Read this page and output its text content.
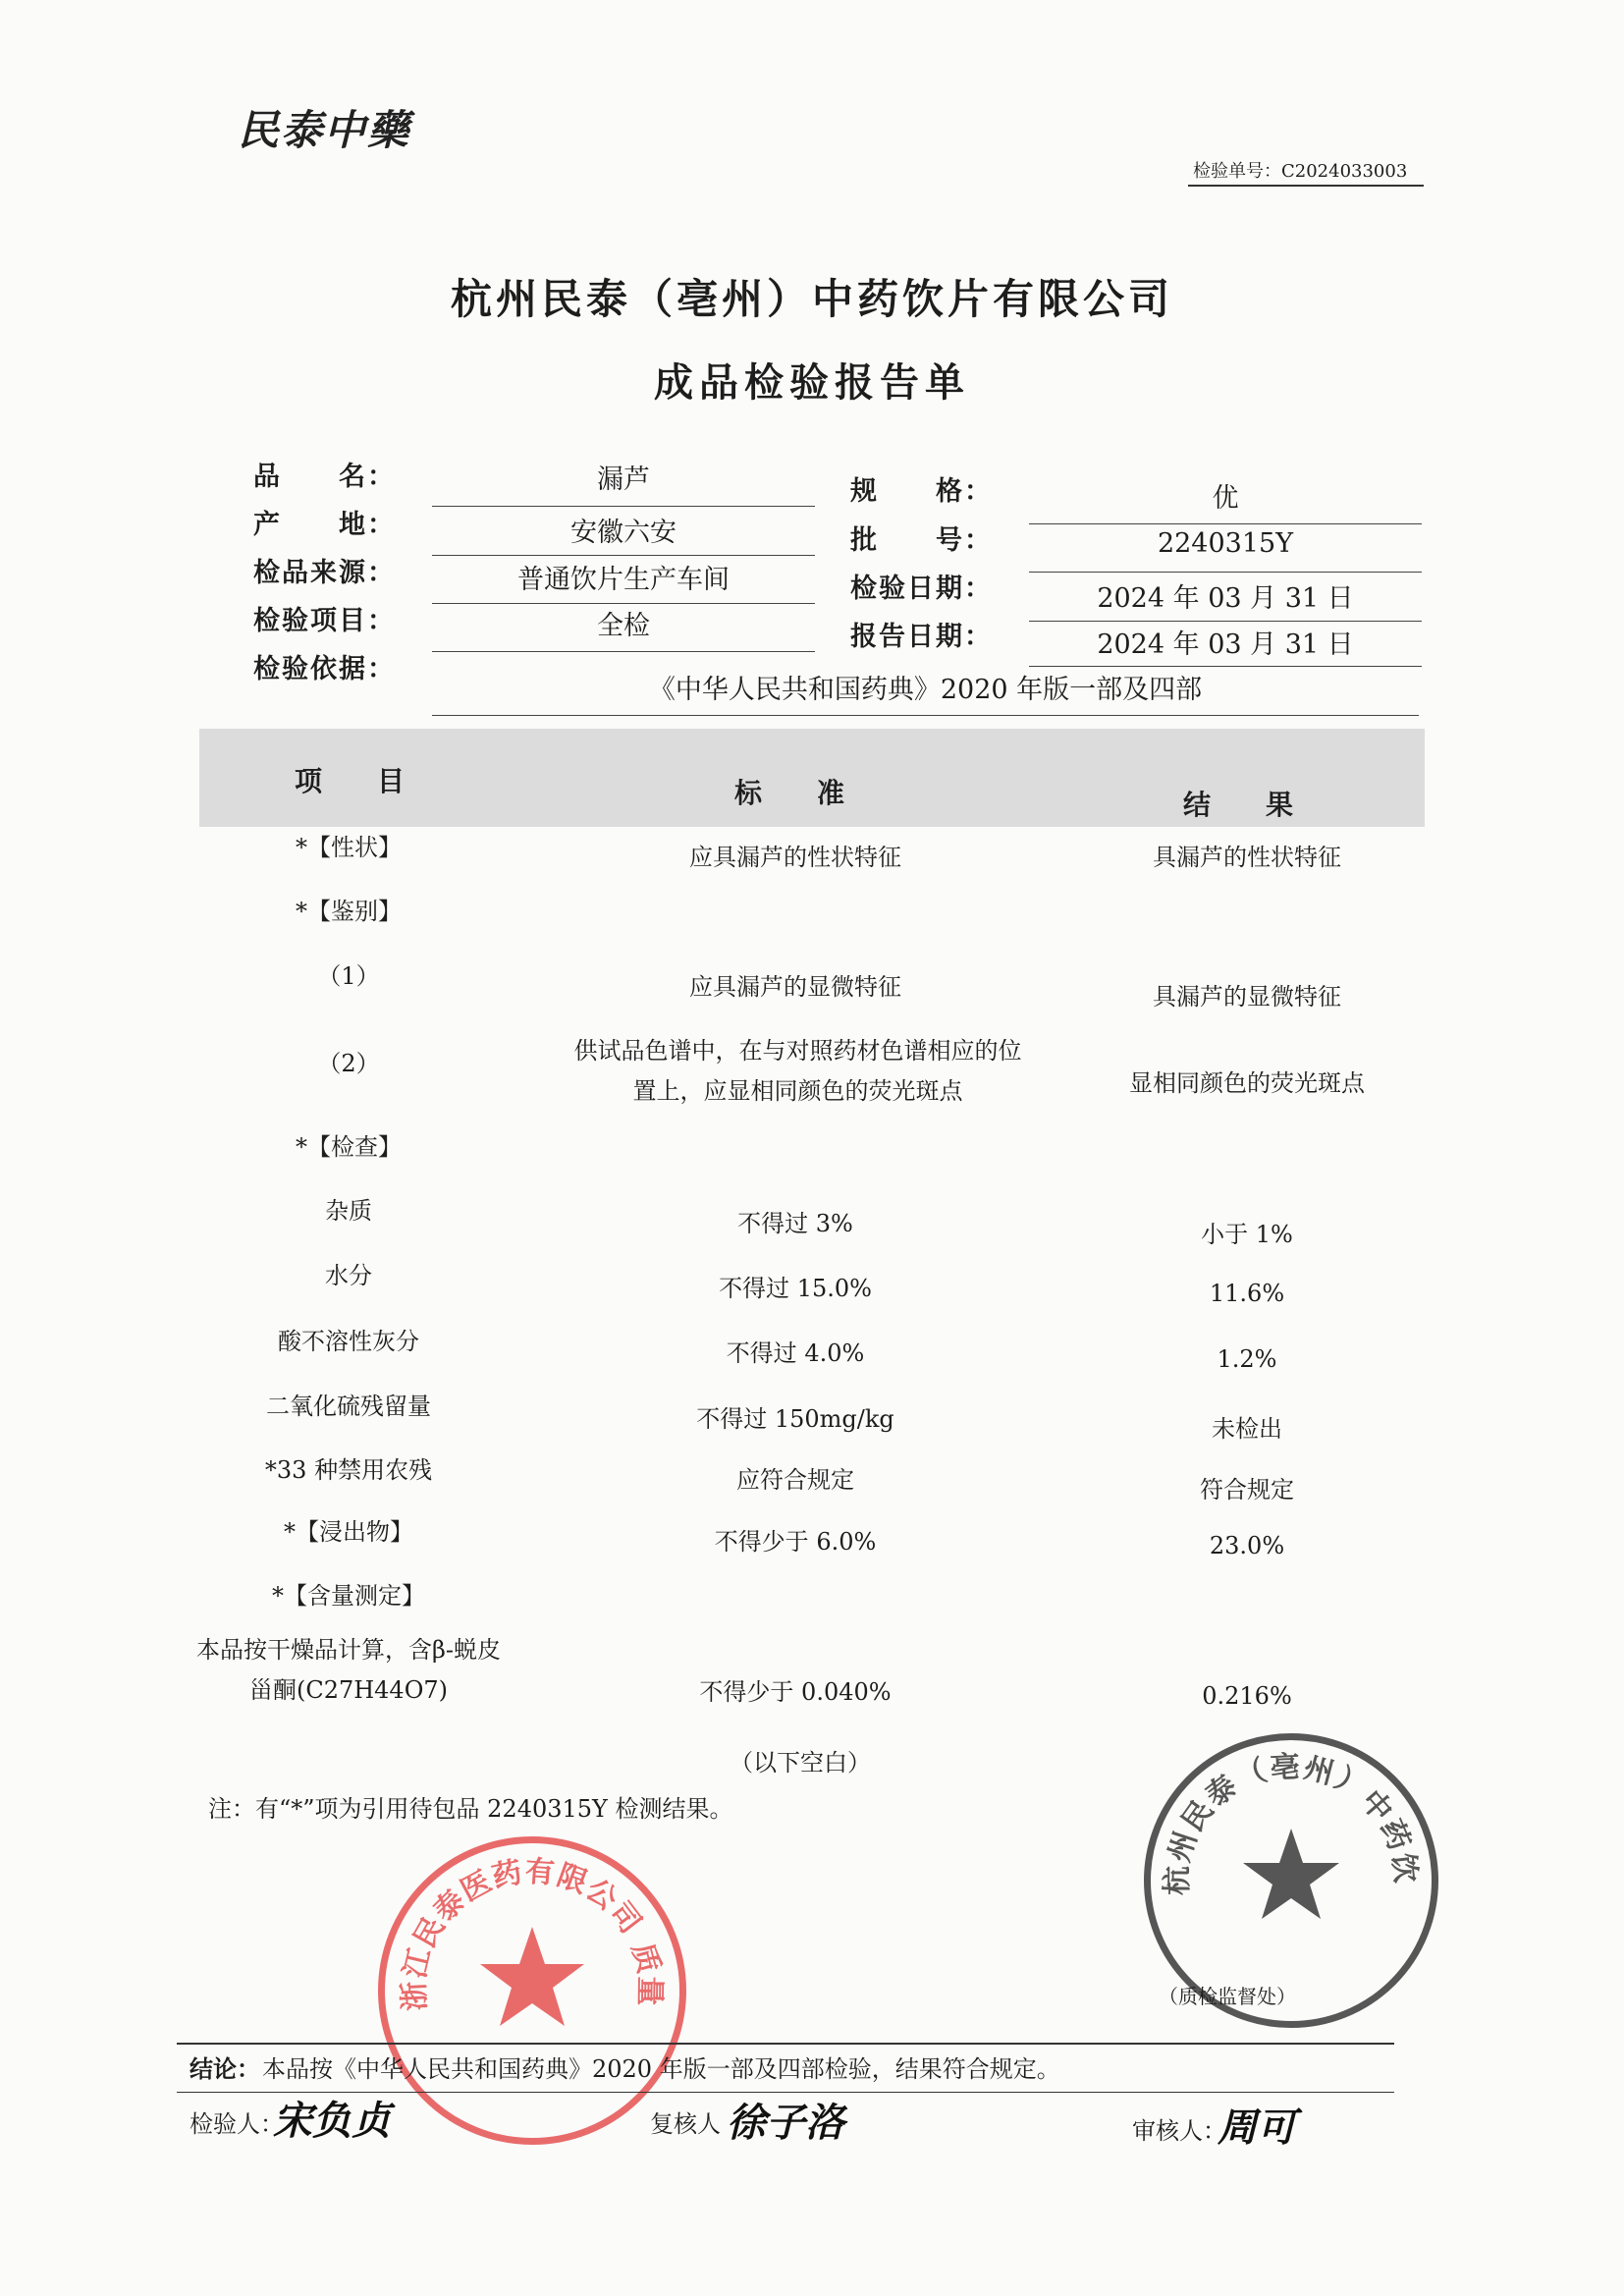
民泰中藥
检验单号：C2024033003
杭州民泰（亳州）中药饮片有限公司
成品检验报告单
品　　名：	漏芦
产　　地：	安徽六安
检品来源：	普通饮片生产车间
检验项目：	全检
检验依据：
《中华人民共和国药典》2020 年版一部及四部
规　　格：	优
批　　号：	2240315Y
检验日期：	2024 年 03 月 31 日
报告日期：	2024 年 03 月 31 日
项　目	标　准	结　果
*【性状】	应具漏芦的性状特征	具漏芦的性状特征
*【鉴别】
（1）	应具漏芦的显微特征	具漏芦的显微特征
（2）	供试品色谱中，在与对照药材色谱相应的位置上，应显相同颜色的荧光斑点	显相同颜色的荧光斑点
*【检查】
杂质	不得过 3%	小于 1%
水分	不得过 15.0%	11.6%
酸不溶性灰分	不得过 4.0%	1.2%
二氧化硫残留量	不得过 150mg/kg	未检出
*33 种禁用农残	应符合规定	符合规定
*【浸出物】	不得少于 6.0%	23.0%
*【含量测定】
本品按干燥品计算，含β-蜕皮甾酮(C27H44O7)	不得少于 0.040%	0.216%
（以下空白）
注：有“*”项为引用待包品 2240315Y 检测结果。
杭州民泰（亳州）中药饮
（质检监督处）
浙江民泰医药有限公司 质量
结论： 本品按《中华人民共和国药典》2020 年版一部及四部检验，结果符合规定。
检验人：
宋负贞	复核人 徐子洛	审核人：
周可
